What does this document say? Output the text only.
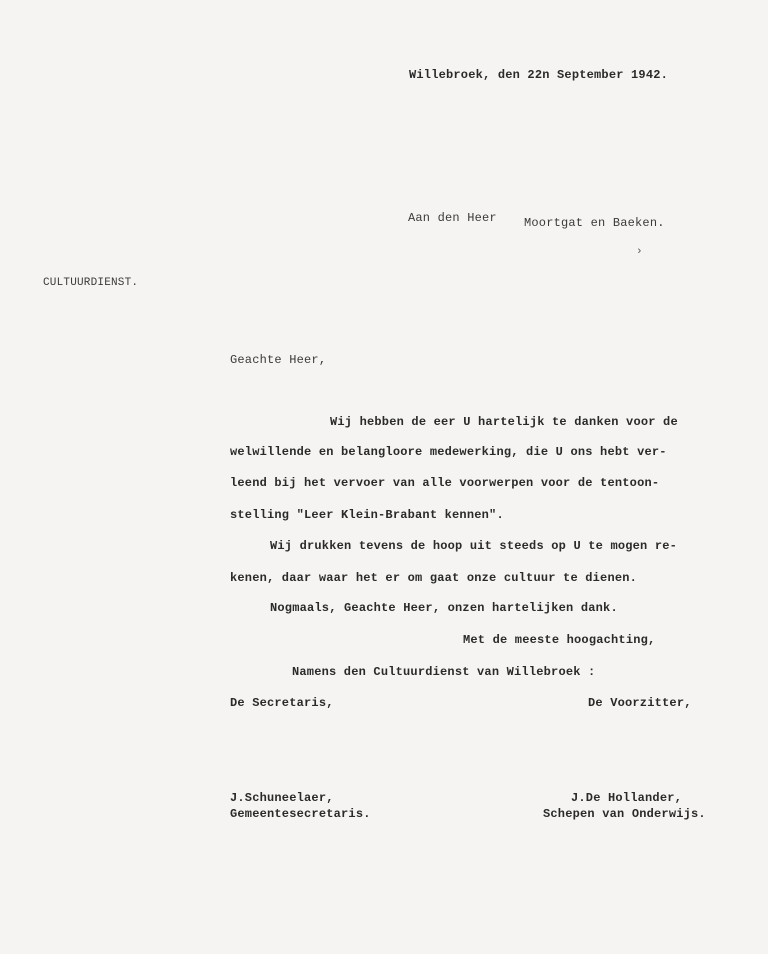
Willebroek, den 22n September 1942.
Aan den Heer Moortgat en Baeken.
CULTUURDIENST.
Geachte Heer,
Wij hebben de eer U hartelijk te danken voor de
welwillende en belangloore medewerking, die U ons hebt ver-
leend bij het vervoer van alle voorwerpen voor de tentoon-
stelling "Leer Klein-Brabant kennen".
Wij drukken tevens de hoop uit steeds op U te mogen re-
kenen, daar waar het er om gaat onze cultuur te dienen.
Nogmaals, Geachte Heer, onzen hartelijken dank.
Met de meeste hoogachting,
Namens den Cultuurdienst van Willebroek :
De Secretaris,	De Voorzitter,
J.Schuneelaer,
Gemeentesecretaris.
J.De Hollander,
Schepen van Onderwijs.
›
